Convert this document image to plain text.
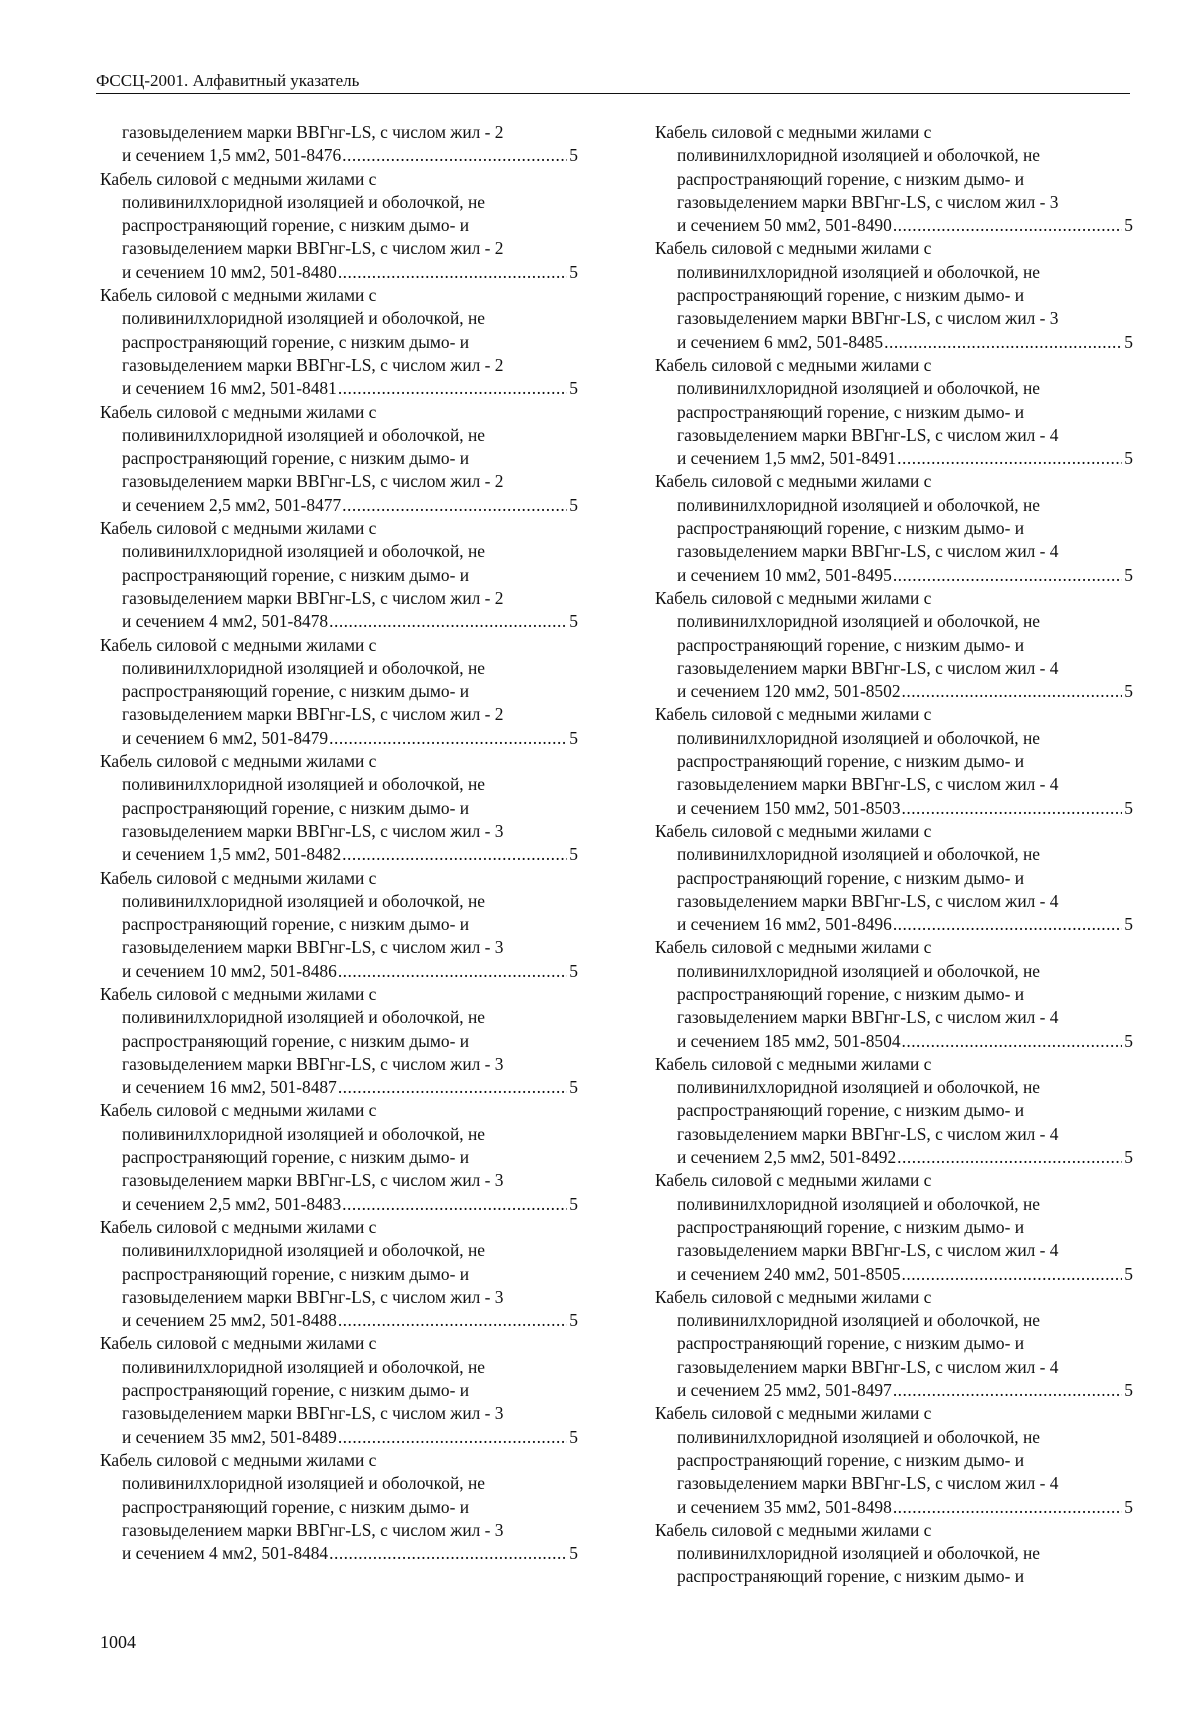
ФССЦ-2001. Алфавитный указатель
газовыделением марки ВВГнг-LS, с числом жил - 2
и сечением 1,5 мм2, 501-8476 .....	5
Кабель силовой с медными жилами с
поливинилхлоридной изоляцией и оболочкой, не
распространяющий горение, с низким дымо- и
газовыделением марки ВВГнг-LS, с числом жил - 2
и сечением 10 мм2, 501-8480 .....	5
Кабель силовой с медными жилами с
поливинилхлоридной изоляцией и оболочкой, не
распространяющий горение, с низким дымо- и
газовыделением марки ВВГнг-LS, с числом жил - 2
и сечением 16 мм2, 501-8481 .....	5
Кабель силовой с медными жилами с
поливинилхлоридной изоляцией и оболочкой, не
распространяющий горение, с низким дымо- и
газовыделением марки ВВГнг-LS, с числом жил - 2
и сечением 2,5 мм2, 501-8477 .....	5
Кабель силовой с медными жилами с
поливинилхлоридной изоляцией и оболочкой, не
распространяющий горение, с низким дымо- и
газовыделением марки ВВГнг-LS, с числом жил - 2
и сечением 4 мм2, 501-8478 .....	5
Кабель силовой с медными жилами с
поливинилхлоридной изоляцией и оболочкой, не
распространяющий горение, с низким дымо- и
газовыделением марки ВВГнг-LS, с числом жил - 2
и сечением 6 мм2, 501-8479 .....	5
Кабель силовой с медными жилами с
поливинилхлоридной изоляцией и оболочкой, не
распространяющий горение, с низким дымо- и
газовыделением марки ВВГнг-LS, с числом жил - 3
и сечением 1,5 мм2, 501-8482 .....	5
Кабель силовой с медными жилами с
поливинилхлоридной изоляцией и оболочкой, не
распространяющий горение, с низким дымо- и
газовыделением марки ВВГнг-LS, с числом жил - 3
и сечением 10 мм2, 501-8486 .....	5
Кабель силовой с медными жилами с
поливинилхлоридной изоляцией и оболочкой, не
распространяющий горение, с низким дымо- и
газовыделением марки ВВГнг-LS, с числом жил - 3
и сечением 16 мм2, 501-8487 .....	5
Кабель силовой с медными жилами с
поливинилхлоридной изоляцией и оболочкой, не
распространяющий горение, с низким дымо- и
газовыделением марки ВВГнг-LS, с числом жил - 3
и сечением 2,5 мм2, 501-8483 .....	5
Кабель силовой с медными жилами с
поливинилхлоридной изоляцией и оболочкой, не
распространяющий горение, с низким дымо- и
газовыделением марки ВВГнг-LS, с числом жил - 3
и сечением 25 мм2, 501-8488 .....	5
Кабель силовой с медными жилами с
поливинилхлоридной изоляцией и оболочкой, не
распространяющий горение, с низким дымо- и
газовыделением марки ВВГнг-LS, с числом жил - 3
и сечением 35 мм2, 501-8489 .....	5
Кабель силовой с медными жилами с
поливинилхлоридной изоляцией и оболочкой, не
распространяющий горение, с низким дымо- и
газовыделением марки ВВГнг-LS, с числом жил - 3
и сечением 4 мм2, 501-8484 .....	5
Кабель силовой с медными жилами с
поливинилхлоридной изоляцией и оболочкой, не
распространяющий горение, с низким дымо- и
газовыделением марки ВВГнг-LS, с числом жил - 3
и сечением 50 мм2, 501-8490 .....	5
Кабель силовой с медными жилами с
поливинилхлоридной изоляцией и оболочкой, не
распространяющий горение, с низким дымо- и
газовыделением марки ВВГнг-LS, с числом жил - 3
и сечением 6 мм2, 501-8485 .....	5
Кабель силовой с медными жилами с
поливинилхлоридной изоляцией и оболочкой, не
распространяющий горение, с низким дымо- и
газовыделением марки ВВГнг-LS, с числом жил - 4
и сечением 1,5 мм2, 501-8491 .....	5
Кабель силовой с медными жилами с
поливинилхлоридной изоляцией и оболочкой, не
распространяющий горение, с низким дымо- и
газовыделением марки ВВГнг-LS, с числом жил - 4
и сечением 10 мм2, 501-8495 .....	5
Кабель силовой с медными жилами с
поливинилхлоридной изоляцией и оболочкой, не
распространяющий горение, с низким дымо- и
газовыделением марки ВВГнг-LS, с числом жил - 4
и сечением 120 мм2, 501-8502 .....	5
Кабель силовой с медными жилами с
поливинилхлоридной изоляцией и оболочкой, не
распространяющий горение, с низким дымо- и
газовыделением марки ВВГнг-LS, с числом жил - 4
и сечением 150 мм2, 501-8503 .....	5
Кабель силовой с медными жилами с
поливинилхлоридной изоляцией и оболочкой, не
распространяющий горение, с низким дымо- и
газовыделением марки ВВГнг-LS, с числом жил - 4
и сечением 16 мм2, 501-8496 .....	5
Кабель силовой с медными жилами с
поливинилхлоридной изоляцией и оболочкой, не
распространяющий горение, с низким дымо- и
газовыделением марки ВВГнг-LS, с числом жил - 4
и сечением 185 мм2, 501-8504 .....	5
Кабель силовой с медными жилами с
поливинилхлоридной изоляцией и оболочкой, не
распространяющий горение, с низким дымо- и
газовыделением марки ВВГнг-LS, с числом жил - 4
и сечением 2,5 мм2, 501-8492 .....	5
Кабель силовой с медными жилами с
поливинилхлоридной изоляцией и оболочкой, не
распространяющий горение, с низким дымо- и
газовыделением марки ВВГнг-LS, с числом жил - 4
и сечением 240 мм2, 501-8505 .....	5
Кабель силовой с медными жилами с
поливинилхлоридной изоляцией и оболочкой, не
распространяющий горение, с низким дымо- и
газовыделением марки ВВГнг-LS, с числом жил - 4
и сечением 25 мм2, 501-8497 .....	5
Кабель силовой с медными жилами с
поливинилхлоридной изоляцией и оболочкой, не
распространяющий горение, с низким дымо- и
газовыделением марки ВВГнг-LS, с числом жил - 4
и сечением 35 мм2, 501-8498 .....	5
Кабель силовой с медными жилами с
поливинилхлоридной изоляцией и оболочкой, не
распространяющий горение, с низким дымо- и
1004
